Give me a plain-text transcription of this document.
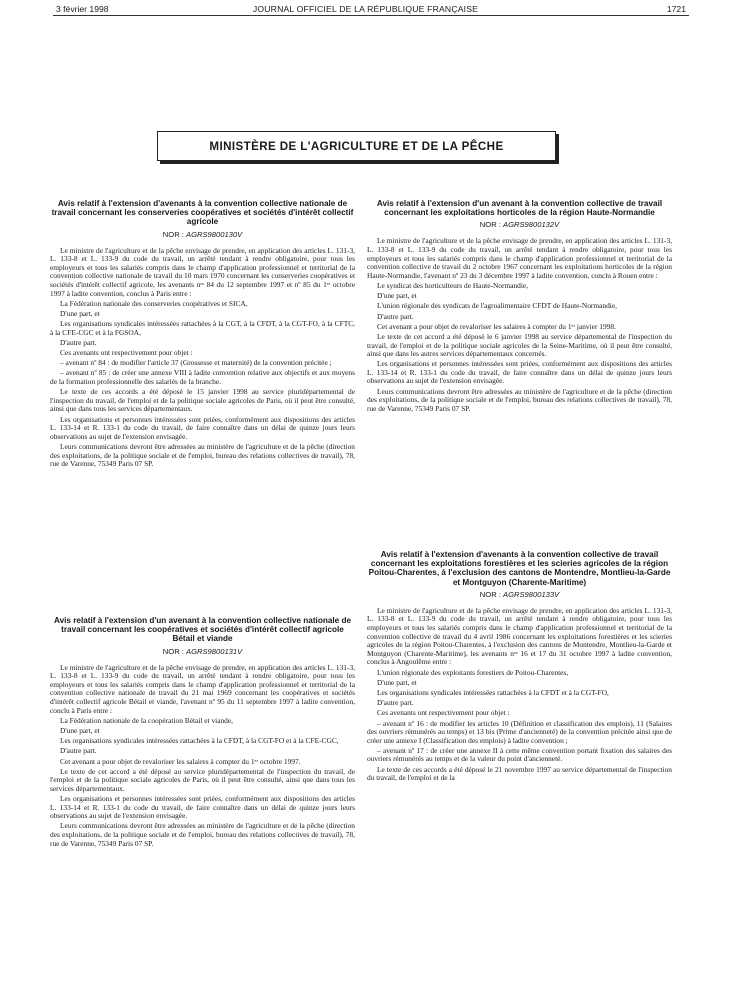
3 février 1998	JOURNAL OFFICIEL DE LA RÉPUBLIQUE FRANÇAISE	1721
MINISTÈRE DE L'AGRICULTURE ET DE LA PÊCHE
Avis relatif à l'extension d'avenants à la convention collective nationale de travail concernant les conserveries coopératives et sociétés d'intérêt collectif agricole
NOR : AGRS9800130V

Le ministre de l'agriculture et de la pêche envisage de prendre, en application des articles L. 131-3, L. 133-8 et L. 133-9 du code du travail, un arrêté tendant à rendre obligatoire, pour tous les employeurs et tous les salariés compris dans le champ d'application professionnel et territorial de la convention collective nationale de travail du 10 mars 1970 concernant les conserveries coopératives et sociétés d'intérêt collectif agricole, les avenants nᵒˢ 84 du 12 septembre 1997 et nº 85 du 1ᵉʳ octobre 1997 à ladite convention, conclus à Paris entre :

La Fédération nationale des conserveries coopératives et SICA,

D'une part, et

Les organisations syndicales intéressées rattachées à la CGT, à la CFDT, à la CGT-FO, à la CFTC, à la CFE-CGC et à la FGSOA,

D'autre part.

Ces avenants ont respectivement pour objet :

– avenant nº 84 : de modifier l'article 37 (Grossesse et maternité) de la convention précitée ;

– avenant nº 85 : de créer une annexe VIII à ladite convention relative aux objectifs et aux moyens de la formation professionnelle des salariés de la branche.

Le texte de ces accords a été déposé le 15 janvier 1998 au service pluridépartemental de l'inspection du travail, de l'emploi et de la politique sociale agricoles de Paris, où il peut être consulté, ainsi que dans tous les services départementaux.

Les organisations et personnes intéressées sont priées, conformément aux dispositions des articles L. 133-14 et R. 133-1 du code du travail, de faire connaître dans un délai de quinze jours leurs observations au sujet de l'extension envisagée.

Leurs communications devront être adressées au ministère de l'agriculture et de la pêche (direction des exploitations, de la politique sociale et de l'emploi, bureau des relations collectives de travail), 78, rue de Varenne, 75349 Paris 07 SP.

Avis relatif à l'extension d'un avenant à la convention collective de travail concernant les exploitations horticoles de la région Haute-Normandie
NOR : AGRS9800132V

Le ministre de l'agriculture et de la pêche envisage de prendre, en application des articles L. 131-3, L. 133-8 et L. 133-9 du code du travail, un arrêté tendant à rendre obligatoire, pour tous les employeurs et tous les salariés compris dans le champ d'application professionnel et territorial de la convention collective de travail du 2 octobre 1967 concernant les exploitations horticoles de la région Haute-Normandie, l'avenant nº 23 du 3 décembre 1997 à ladite convention, conclu à Rouen entre :

Le syndicat des horticulteurs de Haute-Normandie,

D'une part, et

L'union régionale des syndicats de l'agroalimentaire CFDT de Haute-Normandie,

D'autre part.

Cet avenant a pour objet de revaloriser les salaires à compter du 1ᵉʳ janvier 1998.

Le texte de cet accord a été déposé le 6 janvier 1998 au service départemental de l'inspection du travail, de l'emploi et de la politique sociale agricoles de la Seine-Maritime, où il peut être consulté, ainsi que dans les autres services départementaux concernés.

Les organisations et personnes intéressées sont priées, conformément aux dispositions des articles L. 133-14 et R. 133-1 du code du travail, de faire connaître dans un délai de quinze jours leurs observations au sujet de l'extension envisagée.

Leurs communications devront être adressées au ministère de l'agriculture et de la pêche (direction des exploitations, de la politique sociale et de l'emploi, bureau des relations collectives de travail), 78, rue de Varenne, 75349 Paris 07 SP.

Avis relatif à l'extension d'avenants à la convention collective de travail concernant les exploitations forestières et les scieries agricoles de la région Poitou-Charentes, à l'exclusion des cantons de Montendre, Montlieu-la-Garde et Montguyon (Charente-Maritime)
NOR : AGRS9800133V

Le ministre de l'agriculture et de la pêche envisage de prendre, en application des articles L. 131-3, L. 133-8 et L. 133-9 du code du travail, un arrêté tendant à rendre obligatoire, pour tous les employeurs et tous les salariés compris dans le champ d'application professionnel et territorial de la convention collective de travail du 4 avril 1986 concernant les exploitations forestières et les scieries agricoles de la région Poitou-Charentes, à l'exclusion des cantons de Montendre, Montlieu-la-Garde et Montguyon (Charente-Maritime), les avenants nᵒˢ 16 et 17 du 31 octobre 1997 à ladite convention, conclus à Angoulême entre :

L'union régionale des exploitants forestiers de Poitou-Charentes,

D'une part, et

Les organisations syndicales intéressées rattachées à la CFDT et à la CGT-FO,

D'autre part.

Ces avenants ont respectivement pour objet :

– avenant nº 16 : de modifier les articles 10 (Définition et classification des emplois), 11 (Salaires des ouvriers rémunérés au temps) et 13 bis (Prime d'ancienneté) de la convention précitée ainsi que de créer une annexe I (Classification des emplois) à ladite convention ;

– avenant nº 17 : de créer une annexe II à cette même convention portant fixation des salaires des ouvriers rémunérés au temps et de la valeur du point d'ancienneté.

Le texte de ces accords a été déposé le 21 novembre 1997 au service départemental de l'inspection du travail, de l'emploi et de la

Avis relatif à l'extension d'un avenant à la convention collective nationale de travail concernant les coopératives et sociétés d'intérêt collectif agricole Bétail et viande
NOR : AGRS9800131V

Le ministre de l'agriculture et de la pêche envisage de prendre, en application des articles L. 131-3, L. 133-8 et L. 133-9 du code du travail, un arrêté tendant à rendre obligatoire, pour tous les employeurs et tous les salariés compris dans le champ d'application professionnel et territorial de la convention collective nationale de travail du 21 mai 1969 concernant les coopératives et sociétés d'intérêt collectif agricole Bétail et viande, l'avenant nº 95 du 11 septembre 1997 à ladite convention, conclu à Paris entre :

La Fédération nationale de la coopération Bétail et viande,

D'une part, et

Les organisations syndicales intéressées rattachées à la CFDT, à la CGT-FO et à la CFE-CGC,

D'autre part.

Cet avenant a pour objet de revaloriser les salaires à compter du 1ᵉʳ octobre 1997.

Le texte de cet accord a été déposé au service pluridépartemental de l'inspection du travail, de l'emploi et de la politique sociale agricoles de Paris, où il peut être consulté, ainsi que dans tous les services départementaux.

Les organisations et personnes intéressées sont priées, conformément aux dispositions des articles L. 133-14 et R. 133-1 du code du travail, de faire connaître dans un délai de quinze jours leurs observations au sujet de l'extension envisagée.

Leurs communications devront être adressées au ministère de l'agriculture et de la pêche (direction des exploitations, de la politique sociale et de l'emploi, bureau des relations collectives de travail), 78, rue de Varenne, 75349 Paris 07 SP.
